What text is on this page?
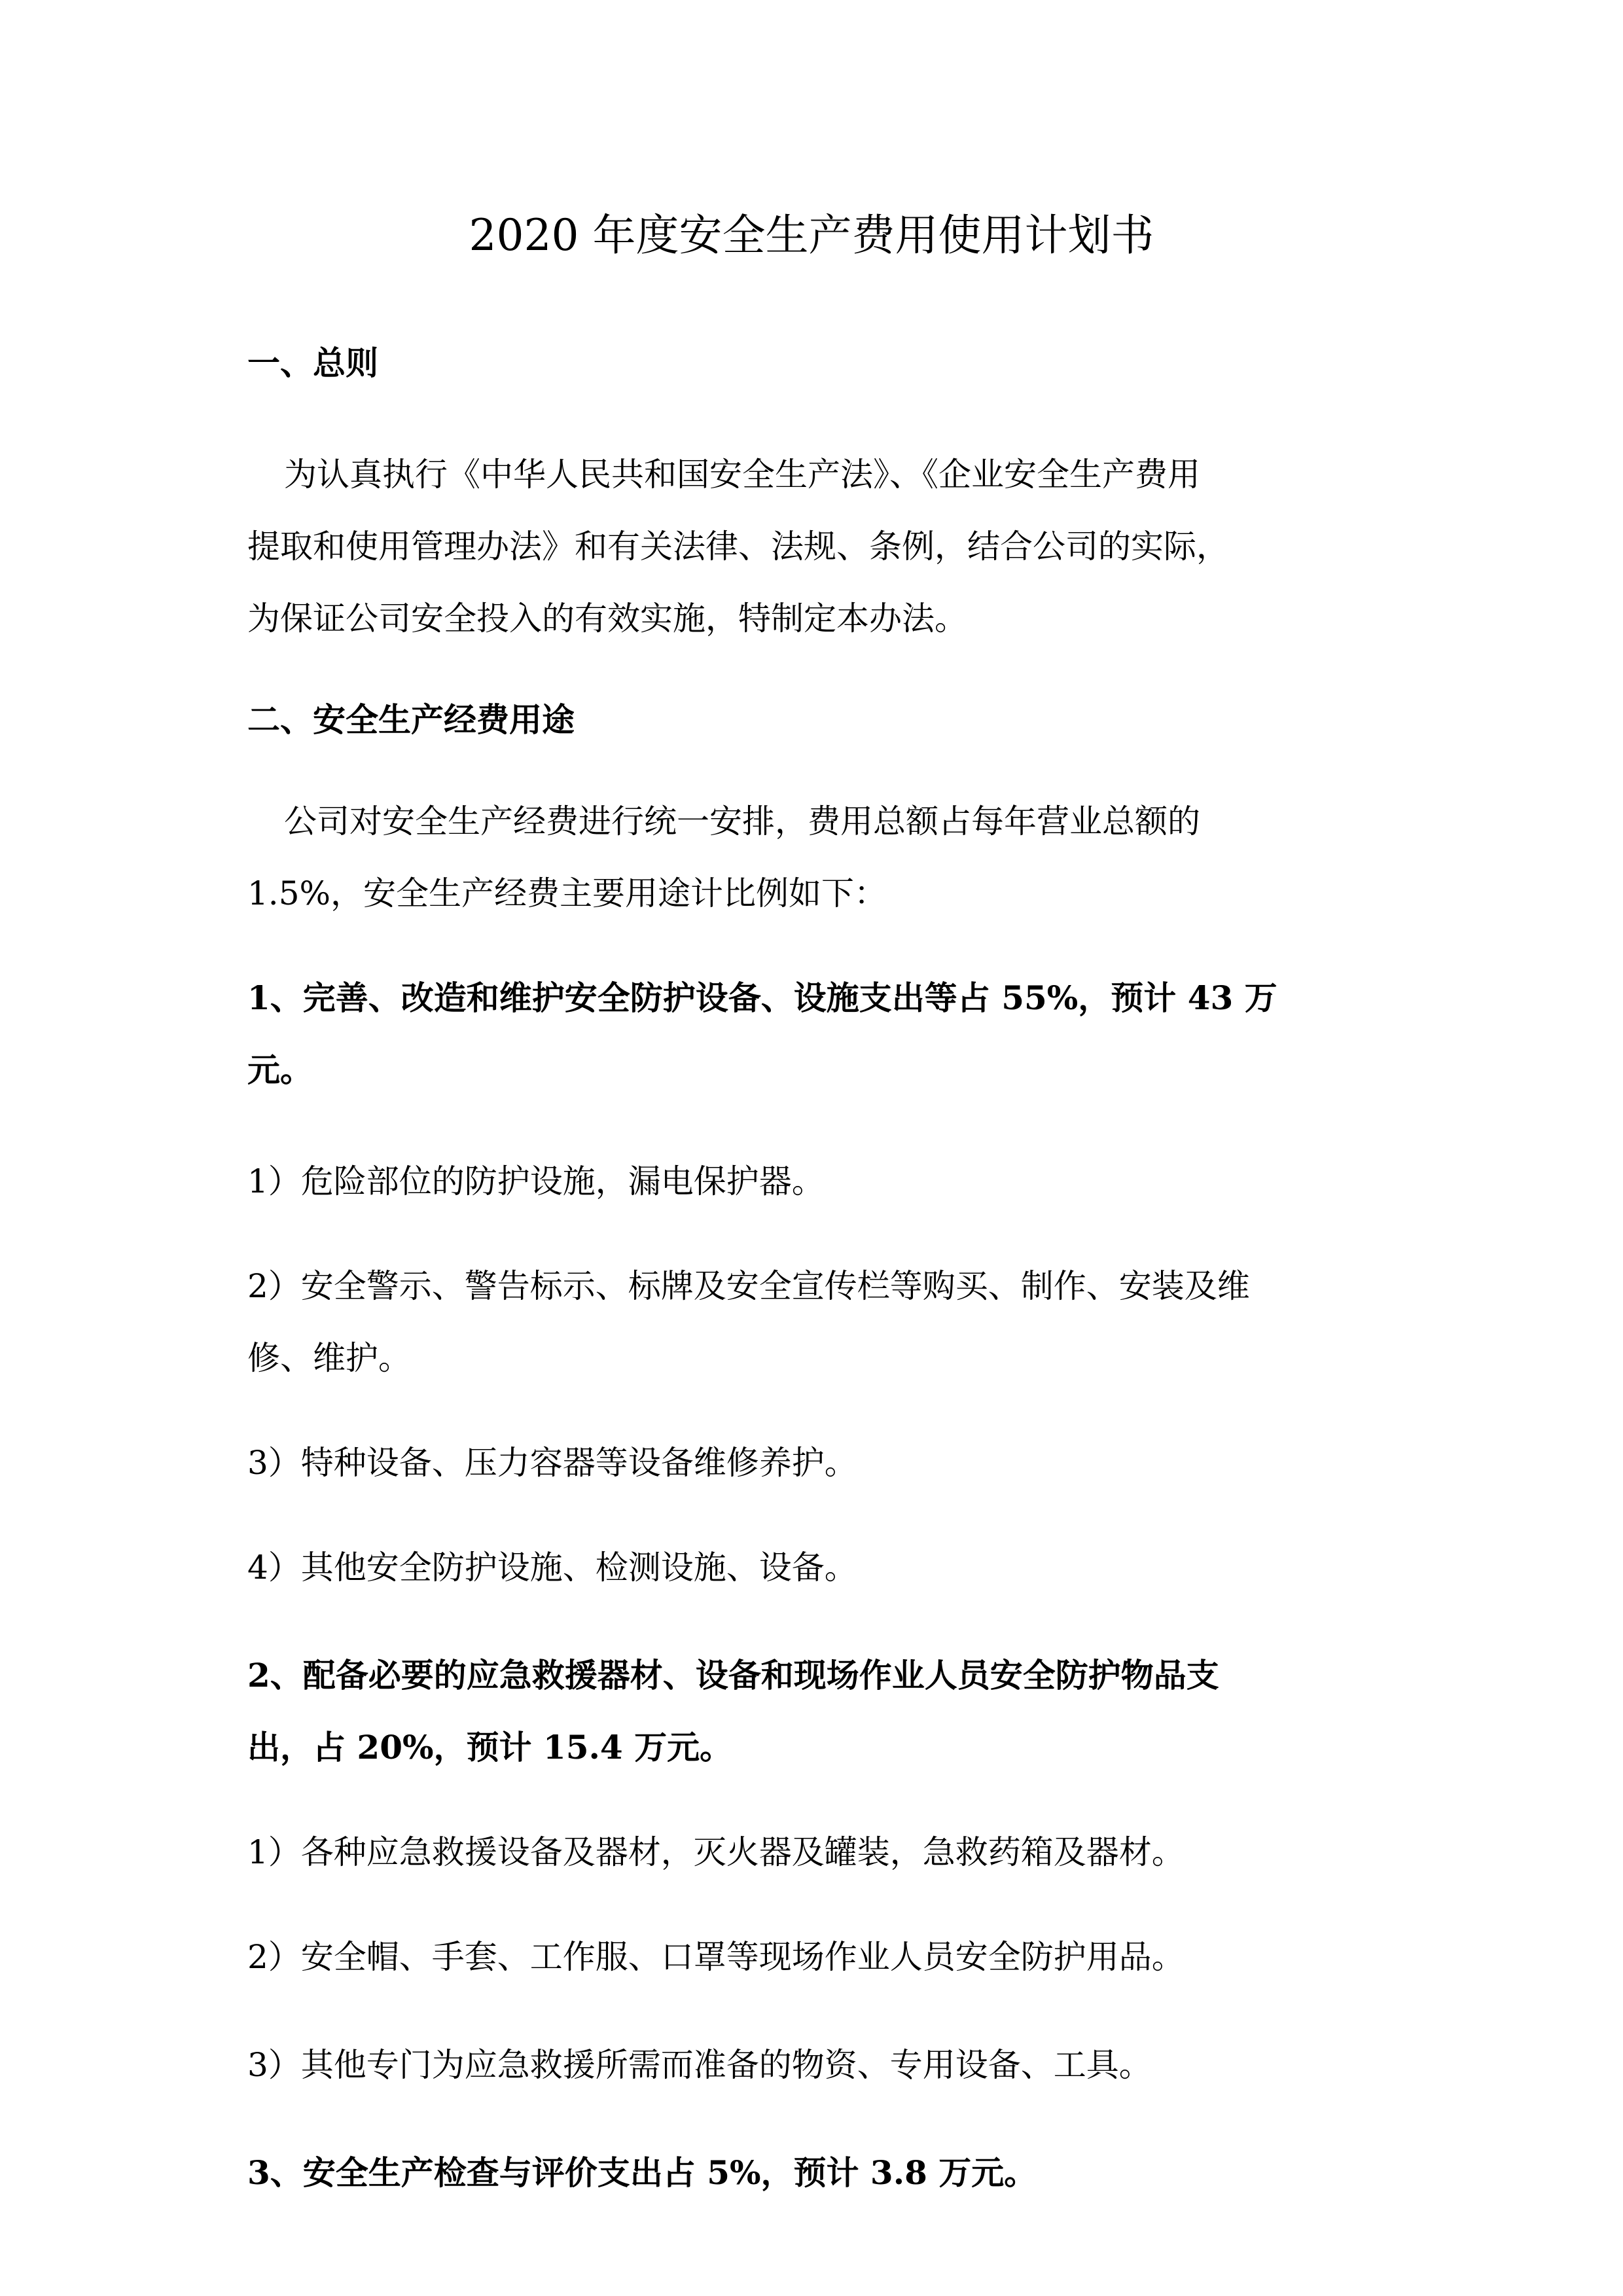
2020 年度安全生产费用使用计划书
一、总则
为认真执行《中华人民共和国安全生产法》、《企业安全生产费用
提取和使用管理办法》和有关法律、法规、条例，结合公司的实际，
为保证公司安全投入的有效实施，特制定本办法。
二、安全生产经费用途
公司对安全生产经费进行统一安排，费用总额占每年营业总额的
1.5%，安全生产经费主要用途计比例如下：
1、完善、改造和维护安全防护设备、设施支出等占 55%，预计 43 万
元。
1）危险部位的防护设施，漏电保护器。
2）安全警示、警告标示、标牌及安全宣传栏等购买、制作、安装及维
修、维护。
3）特种设备、压力容器等设备维修养护。
4）其他安全防护设施、检测设施、设备。
2、配备必要的应急救援器材、设备和现场作业人员安全防护物品支
出，占 20%，预计 15.4 万元。
1）各种应急救援设备及器材，灭火器及罐装，急救药箱及器材。
2）安全帽、手套、工作服、口罩等现场作业人员安全防护用品。
3）其他专门为应急救援所需而准备的物资、专用设备、工具。
3、安全生产检查与评价支出占 5%，预计 3.8 万元。
